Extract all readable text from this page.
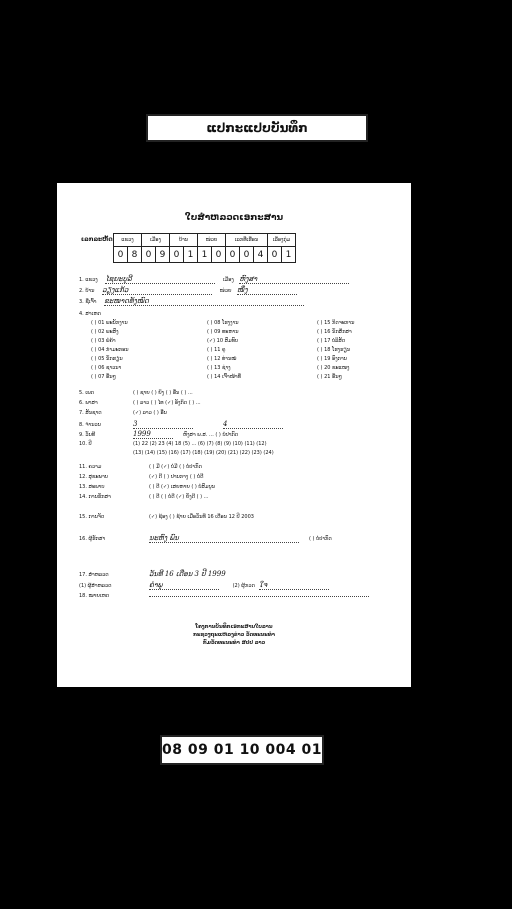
ແປກະແປບບັນທຶກ
ໃບສຳຫລວດເອກະສານ
ເລກລະຫັດ ແຂວງ		ເມືອງ		ບ້ານ		ໜ່ວຍ		ເລກທີ່ເຮືອນ			ເລືອງກຸ່ມ	
0	8	0	9	0	1	1	0	0	0	4	0	1
1. ແຂວງ ໄຊຍະບູລີ	ເມືອງ ຫົງສາ
2. ບ້ານ ວຽງແກ້ວ	ໜ່ວຍ ໜຶ່ງ
3. ຊື່ເຈົ້າ ຂະໜາດທັງໝົດ
4. ສາເຫດ
( ) 01 ພະນັກງານ
( ) 02 ພະສົງ
( ) 03 ພໍ່ຄ້າ
( ) 04 ກຳມະກອນ
( ) 05 ນັກຮຽນ
( ) 06 ຊາວນາ
( ) 07 ອື່ນໆ
( ) 08 ໂຮງງານ
( ) 09 ທະຫານ
(✓) 10 ສົມທົບ
( ) 11 ຄູ
( ) 12 ທ່ານໝໍ
( ) 13 ຊ່າງ
( ) 14 ເຈົ້າໜ້າທີ່
( ) 15 ກິດຈະການ
( ) 16 ນັກສຶກສາ
( ) 17 ບໍລິສັດ
( ) 18 ໂຮງຮຽນ
( ) 19 ອົງການ
( ) 20 ຂະແໜງ
( ) 21 ອື່ນໆ
5. ເພດ	( ) ຊາຍ ( ) ຍິງ ( ) ອື່ນ ( ) ...
6. ພາສາ	( ) ລາວ ( ) ໄທ (✓) ອັງກິດ ( ) ...
7. ສັນຊາດ	(✓) ລາວ ( ) ອື່ນ
8. ຈຳນວນ	3	4
9. ວັນທີ	1999	ຫົງສາ ພ.ສ. ... ( ) ບໍ່ປາກົດ
10. ປີ	(1) 22 (2) 23 (4) 18 (5) ... (6) (7) (8) (9) (10) (11) (12)
(13) (14) (15) (16) (17) (18) (19) (20) (21) (22) (23) (24)
11. ຄວາມ	( ) ມີ (✓) ບໍ່ມີ ( ) ບໍ່ປາກົດ
12. ສຸຂະພາບ	(✓) ດີ ( ) ປານກາງ ( ) ບໍ່ດີ
13. ສະພາບ	( ) ດີ (✓) ເສຍຫາຍ ( ) ບໍ່ສົມບູນ
14. ການຮັກສາ	( ) ດີ ( ) ບໍ່ດີ (✓) ຍັງດີ ( ) ...
15. ການຈັດ	(✓) ຊ້ອງ ( ) ຊ້າຍ ເມື່ອວັນທີ 16 ເດືອນ 12 ປີ 2003
16. ຜູ້ຮັກສາ	ນະຫົງ ພົນ	( ) ບໍ່ປາກົດ
17. ສຳຫລວດ	ວັນທີ 16 ເດືອນ 3 ປີ 1999
(1) ຜູ້ສຳຫລວດ	ຄຳພູ	(2) ຜູ້ກວດ ໃຈ
18. ໝາຍເຫດ
ໂຄງການບັນທຶກເອກະສານໃບລານ
ກະຊວງຖະແຫລງຂ່າວ ວັດທະນະທຳ
ກົມວັດທະນະທຳ ສປປ ລາວ
08 09 01 10 004 01
